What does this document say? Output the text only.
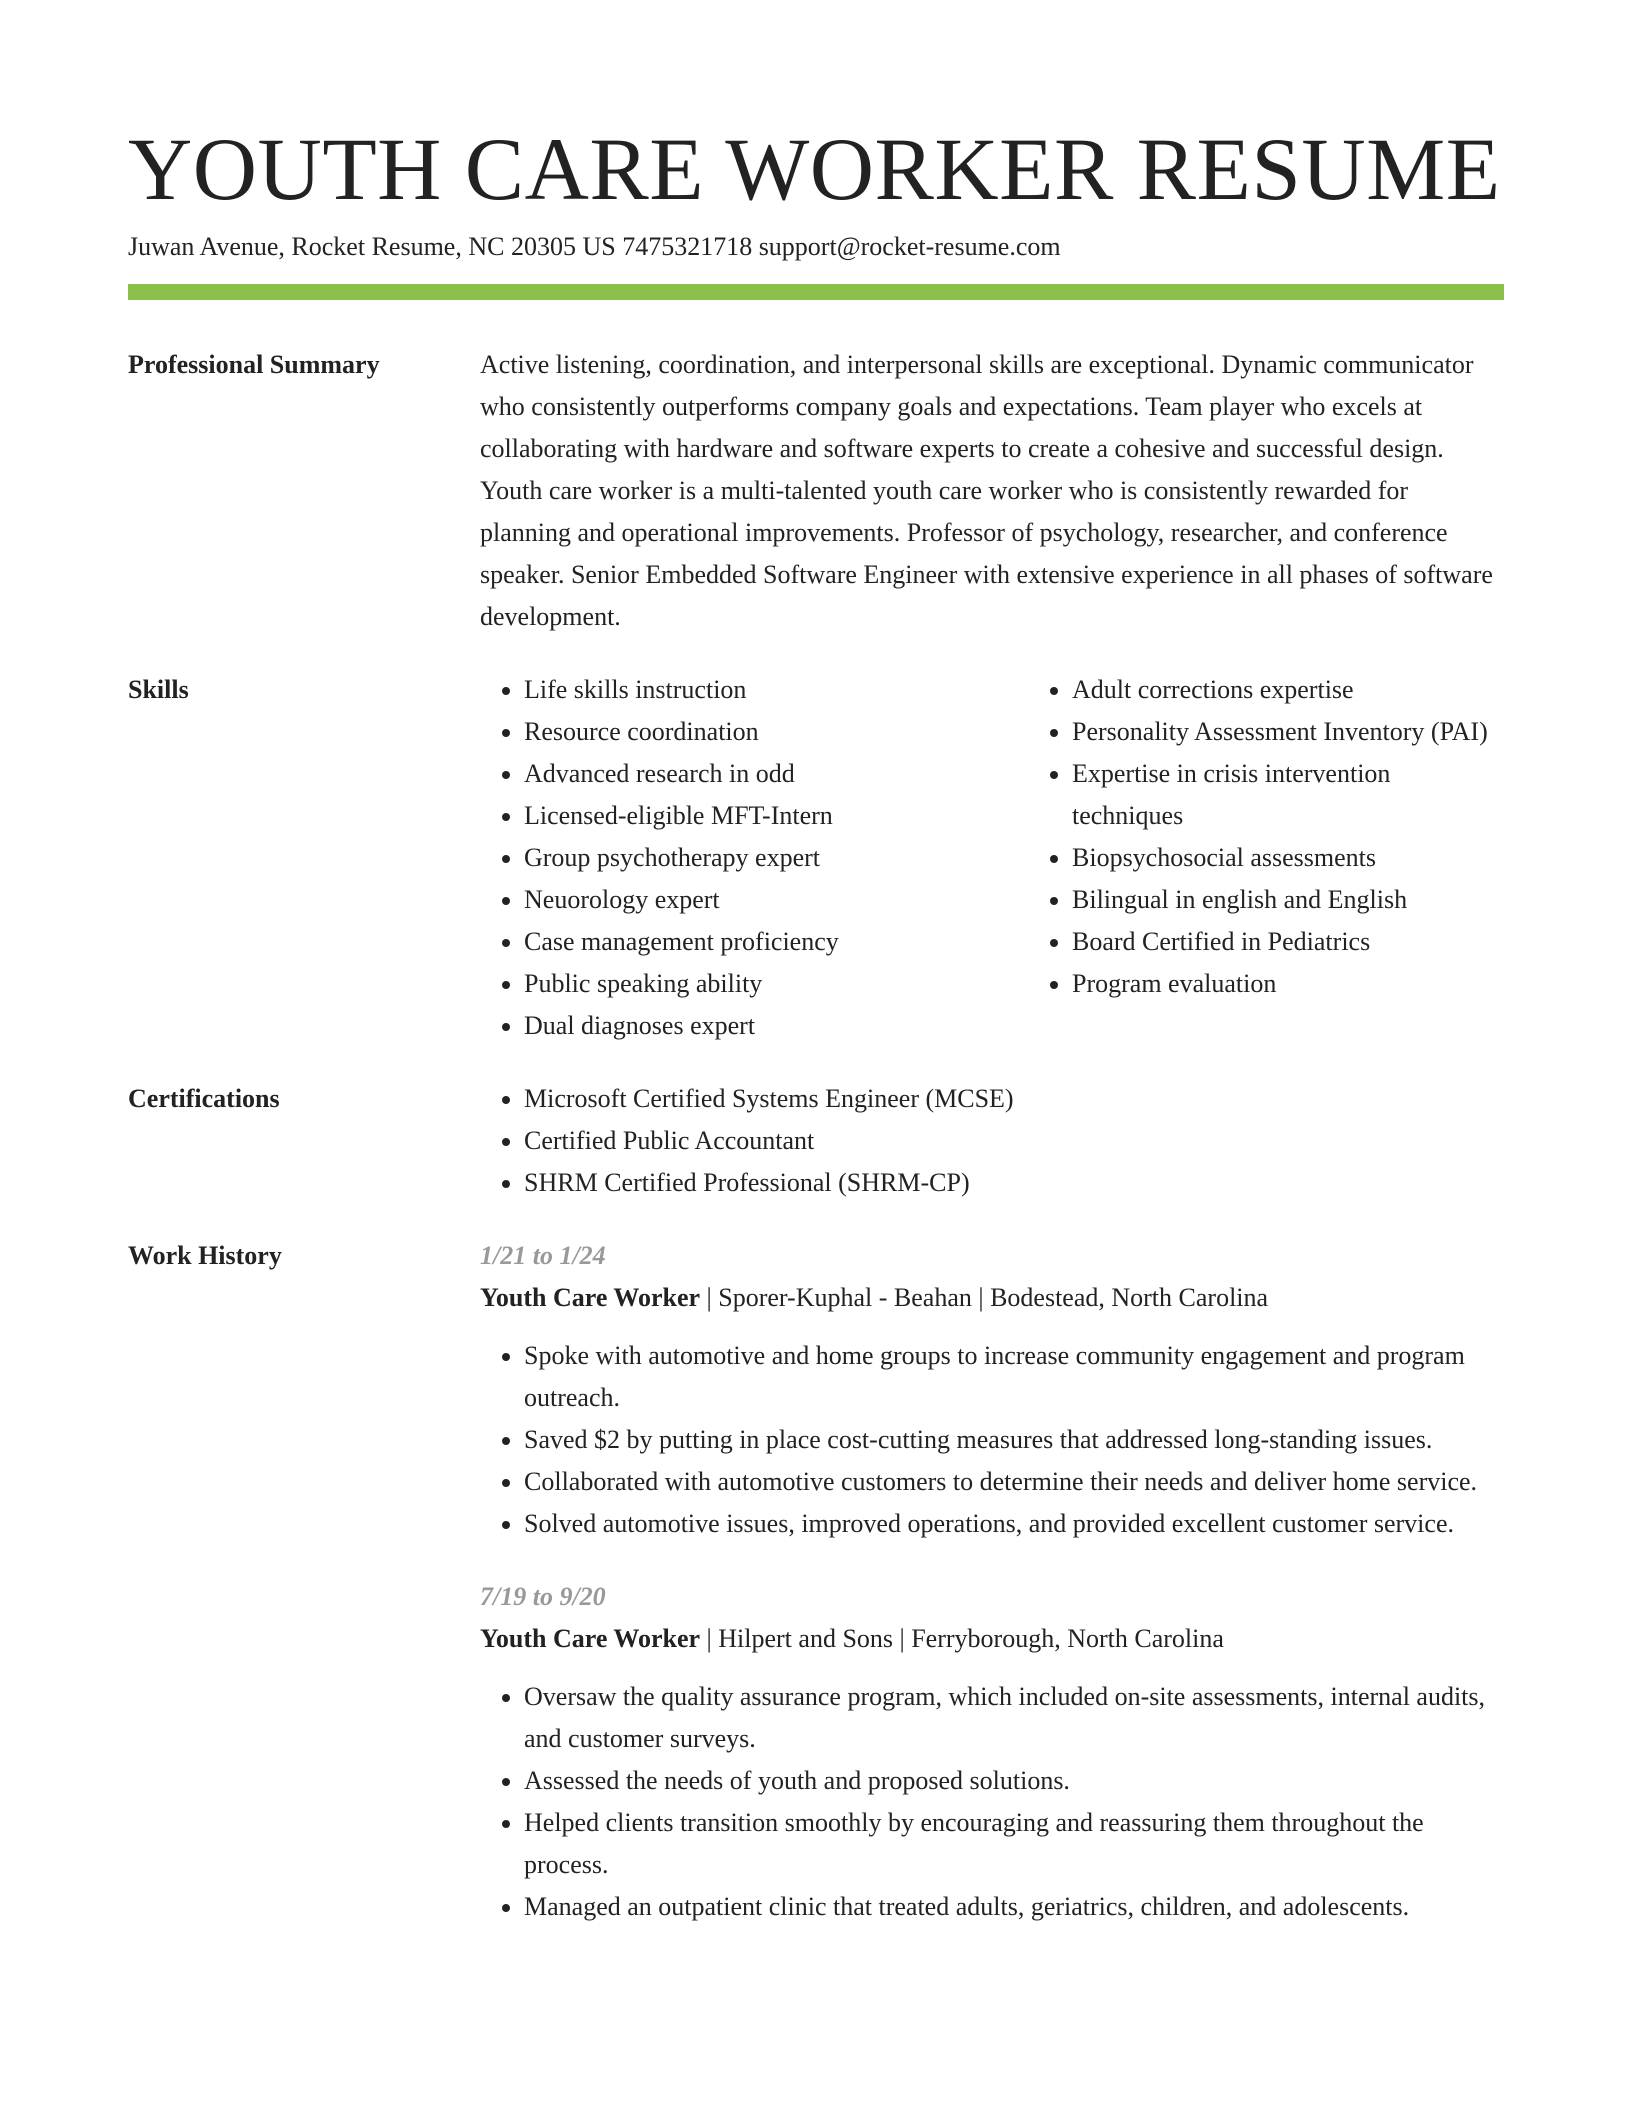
YOUTH CARE WORKER RESUME
Juwan Avenue, Rocket Resume, NC 20305 US 7475321718 support@rocket-resume.com
Professional Summary	Active listening, coordination, and interpersonal skills are exceptional. Dynamic communicator who consistently outperforms company goals and expectations. Team player who excels at collaborating with hardware and software experts to create a cohesive and successful design. Youth care worker is a multi-talented youth care worker who is consistently rewarded for planning and operational improvements. Professor of psychology, researcher, and conference speaker. Senior Embedded Software Engineer with extensive experience in all phases of software development.

Skills	• Life skills instruction
• Resource coordination
• Advanced research in odd
• Licensed-eligible MFT-Intern
• Group psychotherapy expert
• Neuorology expert
• Case management proficiency
• Public speaking ability
• Dual diagnoses expert
• Adult corrections expertise
• Personality Assessment Inventory (PAI)
• Expertise in crisis intervention techniques
• Biopsychosocial assessments
• Bilingual in english and English
• Board Certified in Pediatrics
• Program evaluation
Certifications	• Microsoft Certified Systems Engineer (MCSE)
• Certified Public Accountant
• SHRM Certified Professional (SHRM-CP)
Work History	1/21 to 1/24
Youth Care Worker | Sporer-Kuphal - Beahan | Bodestead, North Carolina
• Spoke with automotive and home groups to increase community engagement and program outreach.
• Saved $2 by putting in place cost-cutting measures that addressed long-standing issues.
• Collaborated with automotive customers to determine their needs and deliver home service.
• Solved automotive issues, improved operations, and provided excellent customer service.
7/19 to 9/20
Youth Care Worker | Hilpert and Sons | Ferryborough, North Carolina
• Oversaw the quality assurance program, which included on-site assessments, internal audits, and customer surveys.
• Assessed the needs of youth and proposed solutions.
• Helped clients transition smoothly by encouraging and reassuring them throughout the process.
• Managed an outpatient clinic that treated adults, geriatrics, children, and adolescents.
